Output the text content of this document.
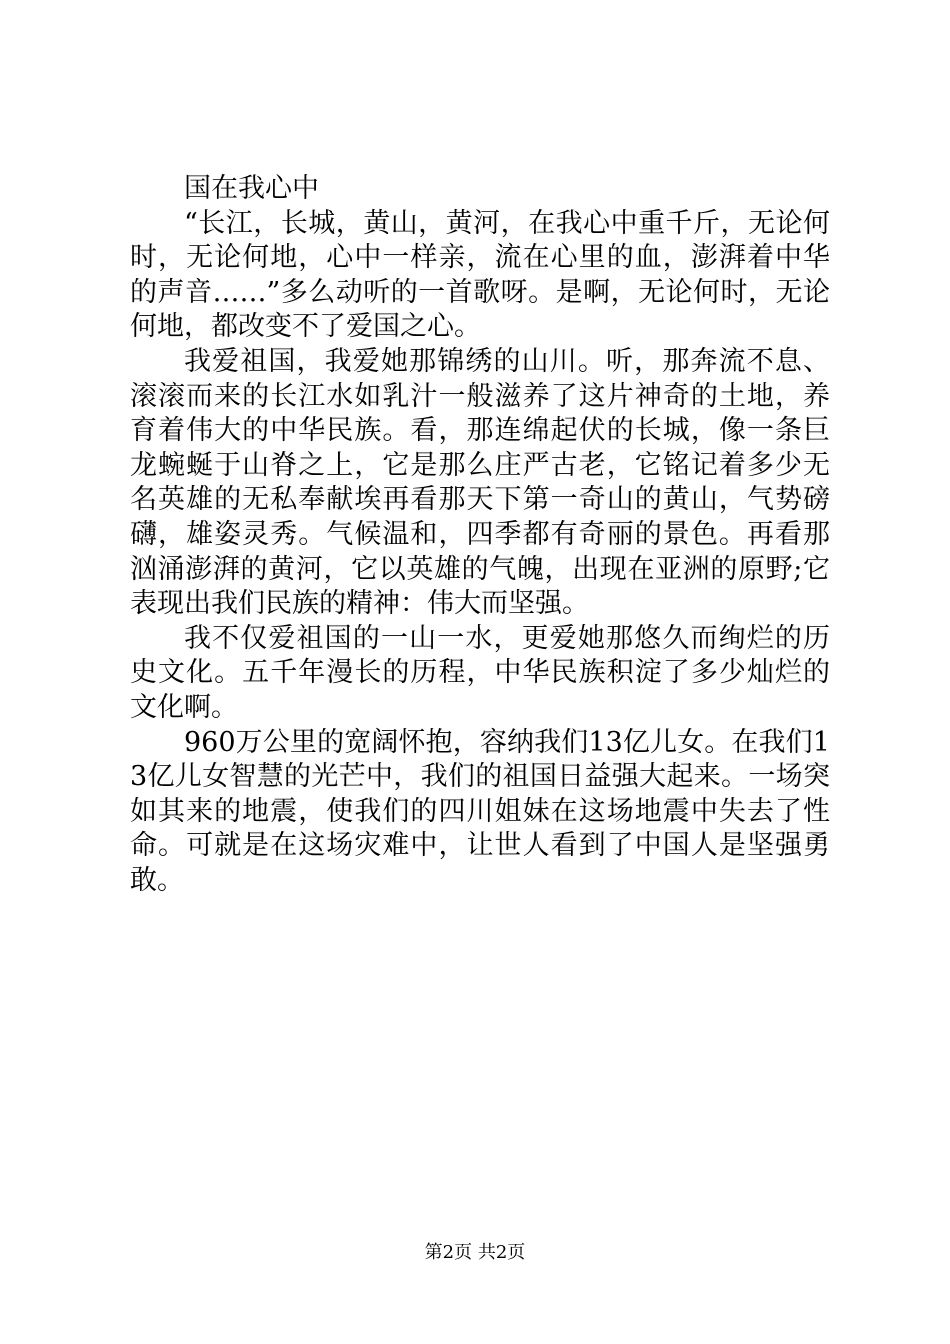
国在我心中

“长江，长城，黄山，黄河，在我心中重千斤，无论何时，无论何地，心中一样亲，流在心里的血，澎湃着中华的声音……”多么动听的一首歌呀。是啊，无论何时，无论何地，都改变不了爱国之心。

我爱祖国，我爱她那锦绣的山川。听，那奔流不息、滚滚而来的长江水如乳汁一般滋养了这片神奇的土地，养育着伟大的中华民族。看，那连绵起伏的长城，像一条巨龙蜿蜒于山脊之上，它是那么庄严古老，它铭记着多少无名英雄的无私奉献埃再看那天下第一奇山的黄山，气势磅礴，雄姿灵秀。气候温和，四季都有奇丽的景色。再看那汹涌澎湃的黄河，它以英雄的气魄，出现在亚洲的原野;它表现出我们民族的精神：伟大而坚强。

我不仅爱祖国的一山一水，更爱她那悠久而绚烂的历史文化。五千年漫长的历程，中华民族积淀了多少灿烂的文化啊。

960万公里的宽阔怀抱，容纳我们13亿儿女。在我们13亿儿女智慧的光芒中，我们的祖国日益强大起来。一场突如其来的地震，使我们的四川姐妹在这场地震中失去了性命。可就是在这场灾难中，让世人看到了中国人是坚强勇敢。

第2页 共2页
